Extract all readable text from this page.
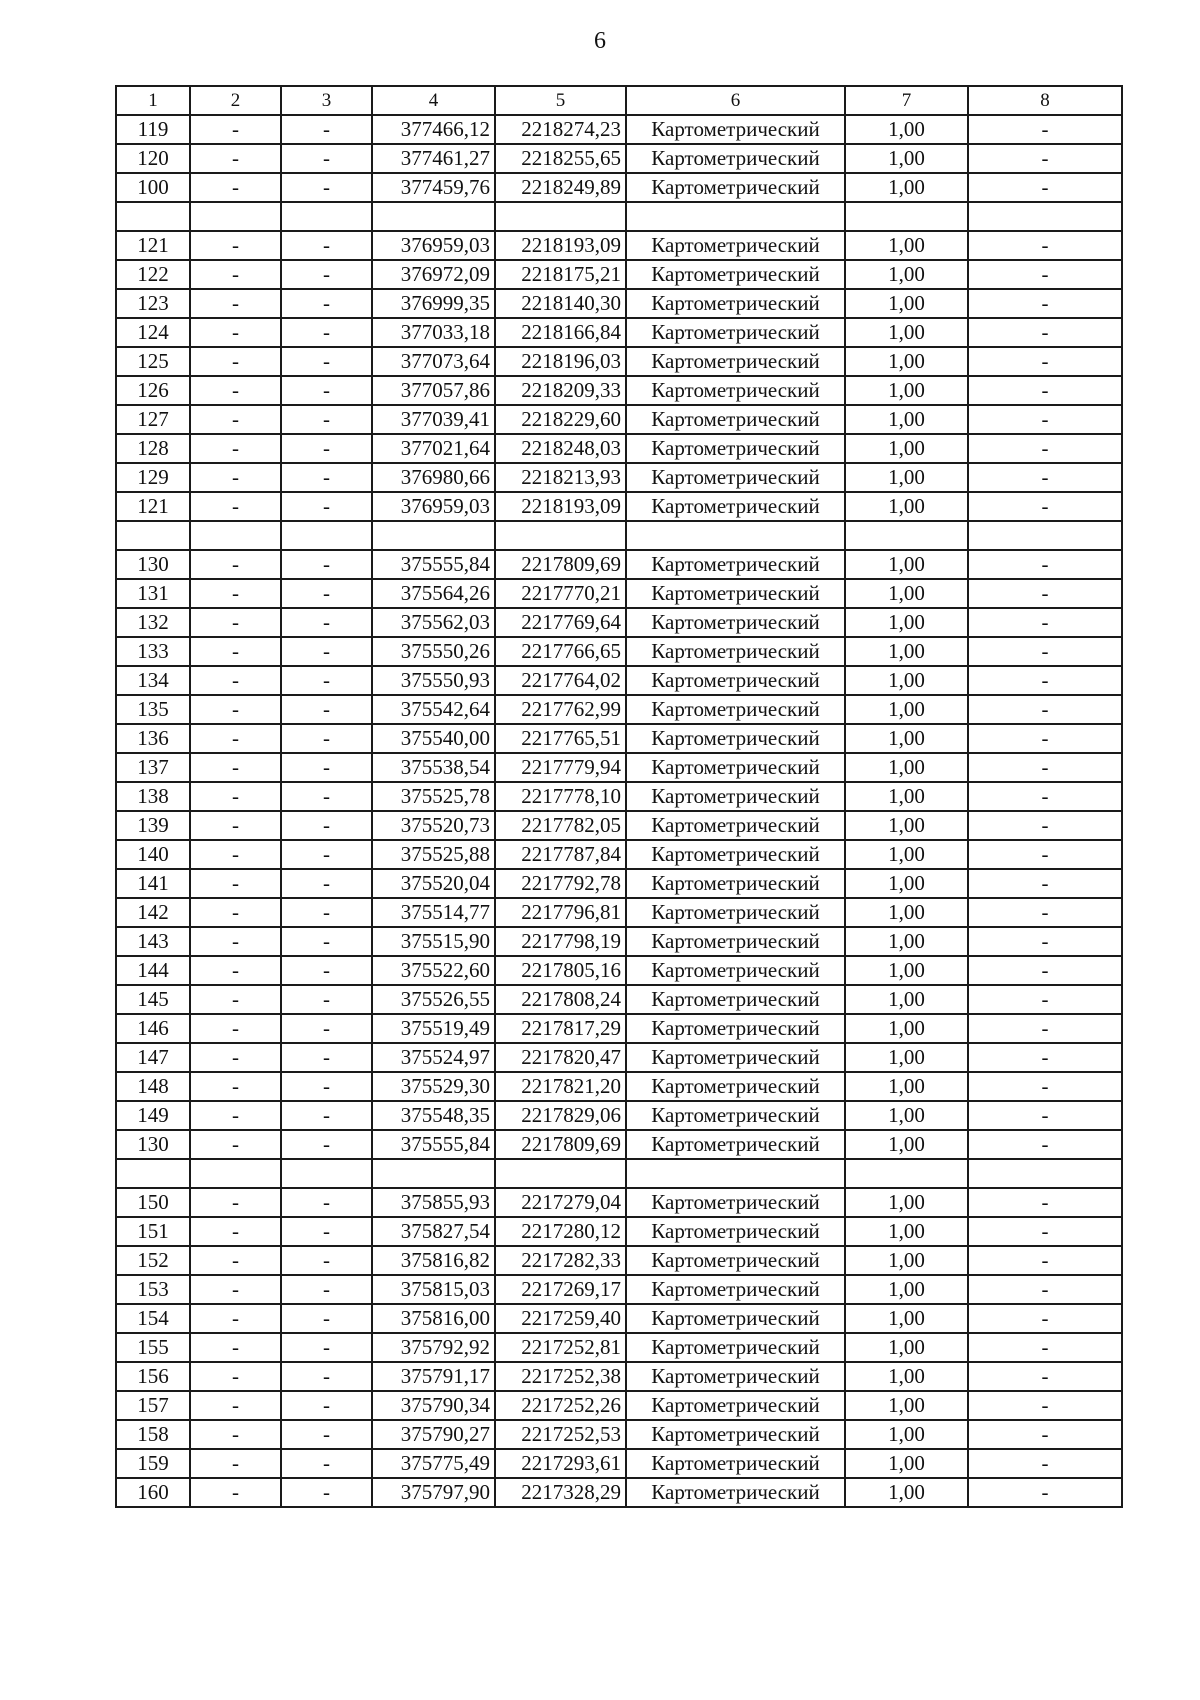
6
1	2	3	4	5	6	7	8
119	-	-	377466,12	2218274,23	Картометрический	1,00	-
120	-	-	377461,27	2218255,65	Картометрический	1,00	-
100	-	-	377459,76	2218249,89	Картометрический	1,00	-

121	-	-	376959,03	2218193,09	Картометрический	1,00	-
122	-	-	376972,09	2218175,21	Картометрический	1,00	-
123	-	-	376999,35	2218140,30	Картометрический	1,00	-
124	-	-	377033,18	2218166,84	Картометрический	1,00	-
125	-	-	377073,64	2218196,03	Картометрический	1,00	-
126	-	-	377057,86	2218209,33	Картометрический	1,00	-
127	-	-	377039,41	2218229,60	Картометрический	1,00	-
128	-	-	377021,64	2218248,03	Картометрический	1,00	-
129	-	-	376980,66	2218213,93	Картометрический	1,00	-
121	-	-	376959,03	2218193,09	Картометрический	1,00	-

130	-	-	375555,84	2217809,69	Картометрический	1,00	-
131	-	-	375564,26	2217770,21	Картометрический	1,00	-
132	-	-	375562,03	2217769,64	Картометрический	1,00	-
133	-	-	375550,26	2217766,65	Картометрический	1,00	-
134	-	-	375550,93	2217764,02	Картометрический	1,00	-
135	-	-	375542,64	2217762,99	Картометрический	1,00	-
136	-	-	375540,00	2217765,51	Картометрический	1,00	-
137	-	-	375538,54	2217779,94	Картометрический	1,00	-
138	-	-	375525,78	2217778,10	Картометрический	1,00	-
139	-	-	375520,73	2217782,05	Картометрический	1,00	-
140	-	-	375525,88	2217787,84	Картометрический	1,00	-
141	-	-	375520,04	2217792,78	Картометрический	1,00	-
142	-	-	375514,77	2217796,81	Картометрический	1,00	-
143	-	-	375515,90	2217798,19	Картометрический	1,00	-
144	-	-	375522,60	2217805,16	Картометрический	1,00	-
145	-	-	375526,55	2217808,24	Картометрический	1,00	-
146	-	-	375519,49	2217817,29	Картометрический	1,00	-
147	-	-	375524,97	2217820,47	Картометрический	1,00	-
148	-	-	375529,30	2217821,20	Картометрический	1,00	-
149	-	-	375548,35	2217829,06	Картометрический	1,00	-
130	-	-	375555,84	2217809,69	Картометрический	1,00	-

150	-	-	375855,93	2217279,04	Картометрический	1,00	-
151	-	-	375827,54	2217280,12	Картометрический	1,00	-
152	-	-	375816,82	2217282,33	Картометрический	1,00	-
153	-	-	375815,03	2217269,17	Картометрический	1,00	-
154	-	-	375816,00	2217259,40	Картометрический	1,00	-
155	-	-	375792,92	2217252,81	Картометрический	1,00	-
156	-	-	375791,17	2217252,38	Картометрический	1,00	-
157	-	-	375790,34	2217252,26	Картометрический	1,00	-
158	-	-	375790,27	2217252,53	Картометрический	1,00	-
159	-	-	375775,49	2217293,61	Картометрический	1,00	-
160	-	-	375797,90	2217328,29	Картометрический	1,00	-
